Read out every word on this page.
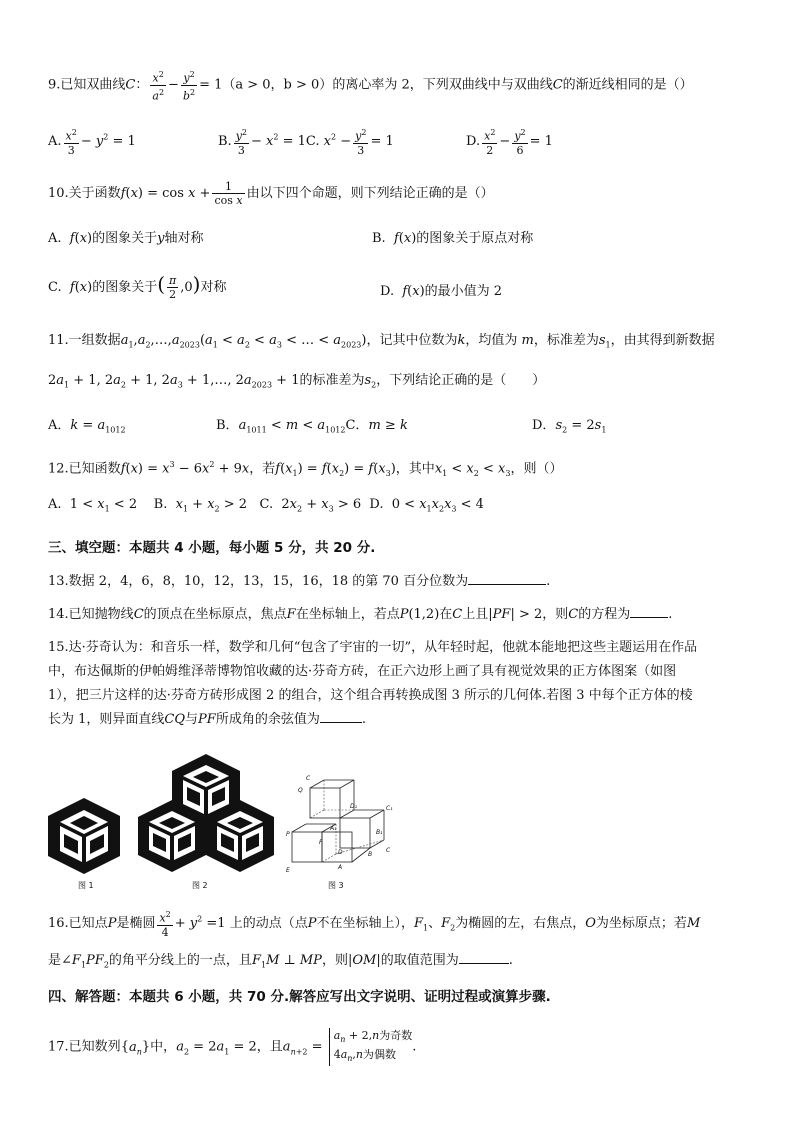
9.已知双曲线C： $\frac{x^2}{a^2} - \frac{y^2}{b^2} = 1(a > 0$，b > 0）的离心率为 2，下列双曲线中与双曲线C的渐近线相同的是（）
A. $\frac{x^2}{3} - y^2 = 1$	B. $\frac{y^2}{3} - x^2 = 1C$. $x^2 - \frac{y^2}{3} = 1$	D. $\frac{x^2}{2} - \frac{y^2}{6} = 1$
10.关于函数$f(x) = \cos x + \frac{1}{\text{cos x}}$ 由以下四个命题，则下列结论正确的是（）
A. f(x)的图象关于y轴对称	B. f(x)的图象关于原点对称
C. f(x)的图象关于( $\frac{\pi}{2} ,0$)对称	D. f(x)的最小值为 2
11.一组数据$a_1,a_2,\dots,a_{2023}(a_1 < a_2 < a_3$ < … < $a_{2023}$)，记其中位数为k，均值为 m，标准差为$s_1$，由其得到新数据
$2a_1 + 1$, $2a_2 + 1$, $2a_3$ + 1,…, $2a_{2023} + 1$的标准差为$s_2$，下列结论正确的是（　　）
A．$k = a_{1012}$	B．$a_{1011} < m < a_{1012}C$．m ≥ k	D．$s_2 = 2s_1$
12.已知函数$f(x) = x^3 - 6x^2 + 9x$，若$f(x_1) = f(x_2) = f(x_3)$，其中$x_1 < x_2 < x_3$，则（）
A.  $1 < x_1 < 2$    B. $x_1 + x_2 > 2$   C.  $2x_2 + x_3 > 6$  D.  $0 < x_1x_2x_3 < 4$
三、填空题：本题共 4 小题，每小题 5 分，共 20 分.
13.数据 2，4，6，8，10，12，13，15，16，18 的第 70 百分位数为	.
14.已知抛物线C的顶点在坐标原点，焦点F在坐标轴上，若点P(1,2)在C上且|PF| > 2，则C的方程为	.
15.达·芬奇认为：和音乐一样，数学和几何“包含了宇宙的一切”，从年轻时起，他就本能地把这些主题运用在作品
中，布达佩斯的伊帕姆维泽蒂博物馆收藏的达·芬奇方砖，在正六边形上画了具有视觉效果的正方体图案（如图
1），把三片这样的达·芬奇方砖形成图 2 的组合，这个组合再转换成图 3 所示的几何体.若图 3 中每个正方体的棱
长为 1，则异面直线CQ与PF所成角的余弦值为	.
图 1	图 2
C
Q
D₁	C₁
A₁
B₁
P
F
D	C
A
B
E
图 3
16.已知点P是椭圆 $\frac{x^2}{4} + y^2 =1$ 上的动点（点P不在坐标轴上），$F_1$、$F_2$为椭圆的左，右焦点，O为坐标原点；若M
是$\angle F_1PF_2$的角平分线上的一点，且$F_1M$ ⊥ MP，则|OM|的取值范围为	.
四、解答题：本题共 6 小题，共 70 分.解答应写出文字说明、证明过程或演算步骤.
17.已知数列$\{a_n\}$中，$a_2 = 2a_1 = 2$，且$a_{n+2}$ =
$a_n + 2,n$为奇数
$4a_n,n$为偶数	.
